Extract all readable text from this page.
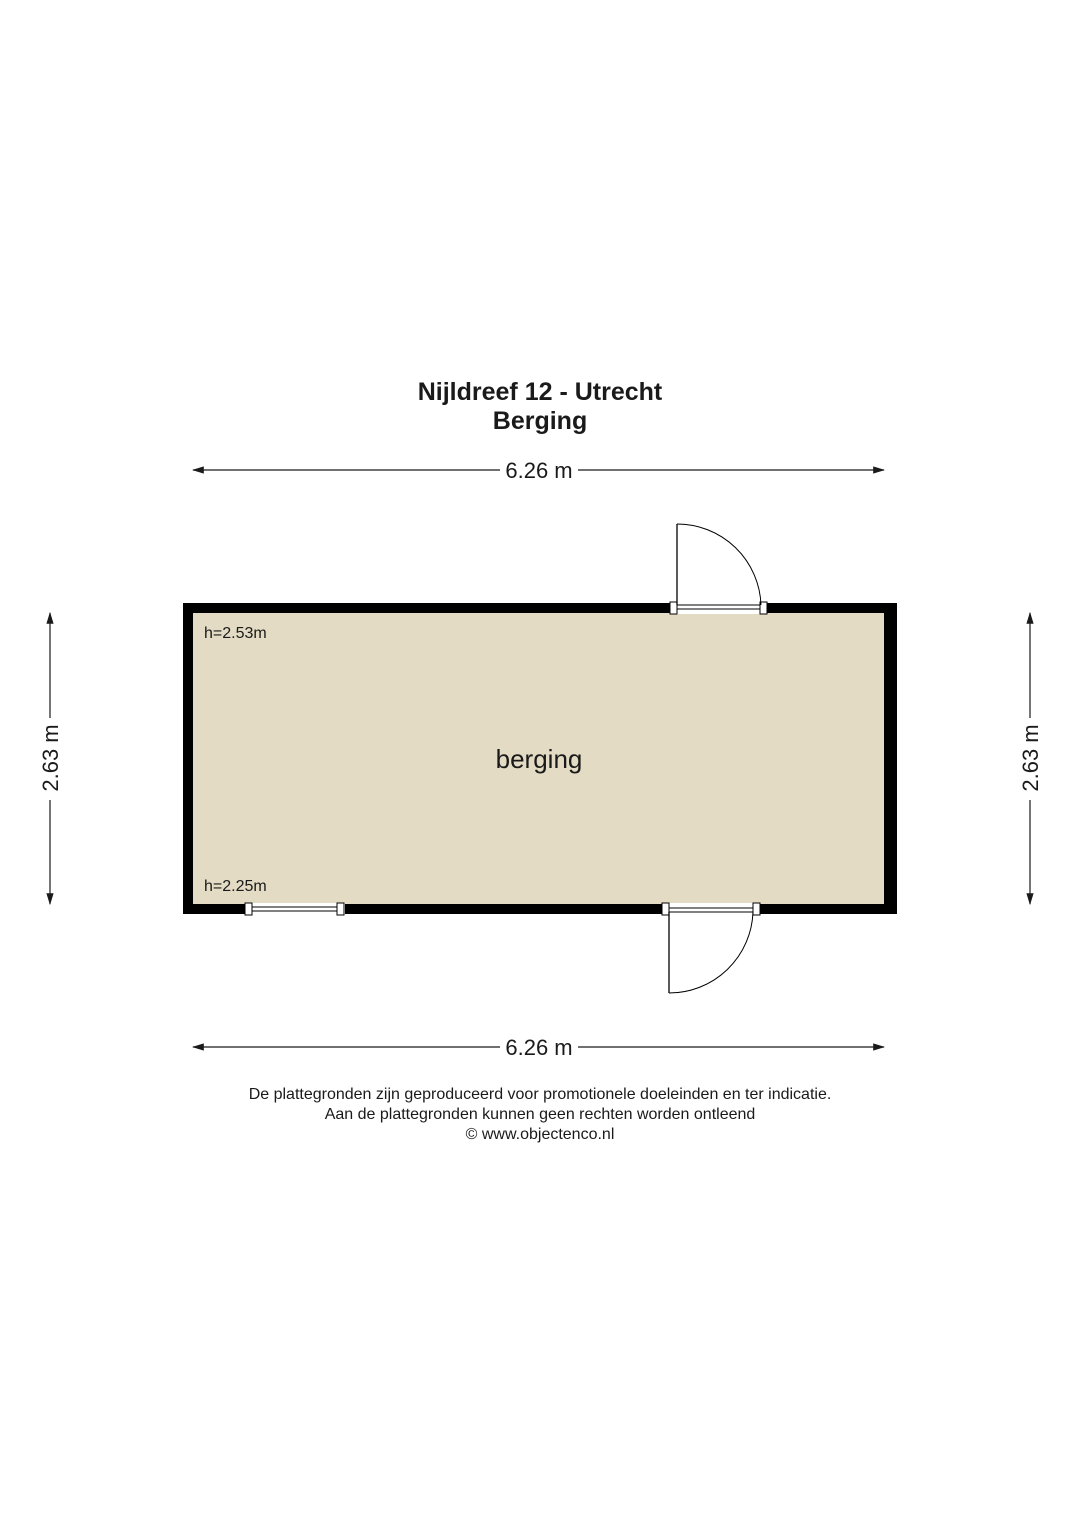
Nijldreef 12 - Utrecht
Berging
6.26 m
6.26 m
2.63 m	2.63 m
h=2.53m
h=2.25m
berging
De plattegronden zijn geproduceerd voor promotionele doeleinden en ter indicatie.
Aan de plattegronden kunnen geen rechten worden ontleend
© www.objectenco.nl
